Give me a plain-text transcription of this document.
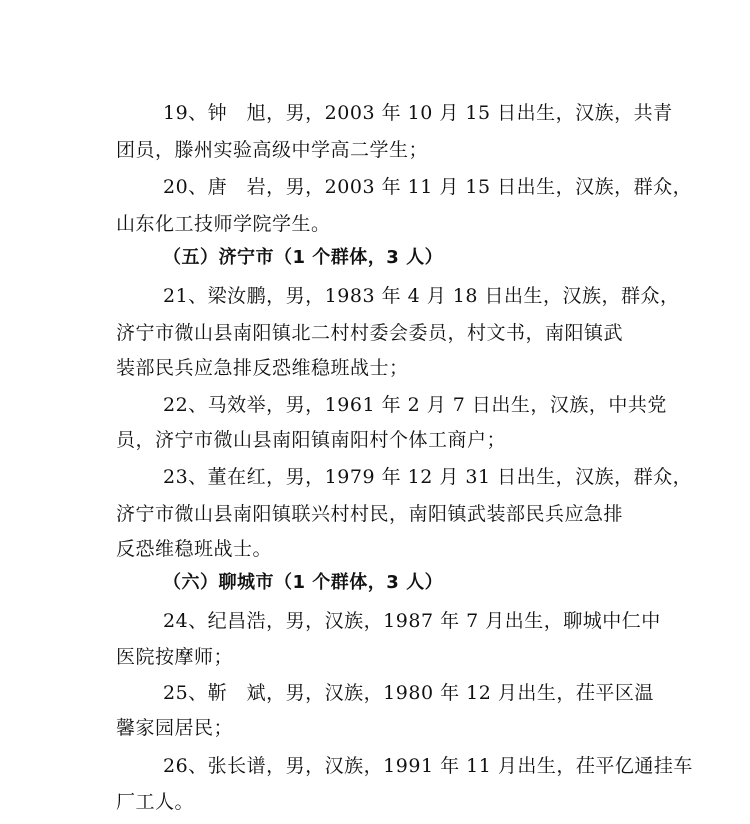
19、钟　旭，男，2003 年 10 月 15 日出生，汉族，共青
团员，滕州实验高级中学高二学生；
20、唐　岩，男，2003 年 11 月 15 日出生，汉族，群众，
山东化工技师学院学生。
（五）济宁市（1 个群体，3 人）
21、梁汝鹏，男，1983 年 4 月 18 日出生，汉族，群众，
济宁市微山县南阳镇北二村村委会委员，村文书，南阳镇武
装部民兵应急排反恐维稳班战士；
22、马效举，男，1961 年 2 月 7 日出生，汉族，中共党
员，济宁市微山县南阳镇南阳村个体工商户；
23、董在红，男，1979 年 12 月 31 日出生，汉族，群众，
济宁市微山县南阳镇联兴村村民，南阳镇武装部民兵应急排
反恐维稳班战士。
（六）聊城市（1 个群体，3 人）
24、纪昌浩，男，汉族，1987 年 7 月出生，聊城中仁中
医院按摩师；
25、靳　斌，男，汉族，1980 年 12 月出生，茌平区温
馨家园居民；
26、张长谱，男，汉族，1991 年 11 月出生，茌平亿通挂车
厂工人。
